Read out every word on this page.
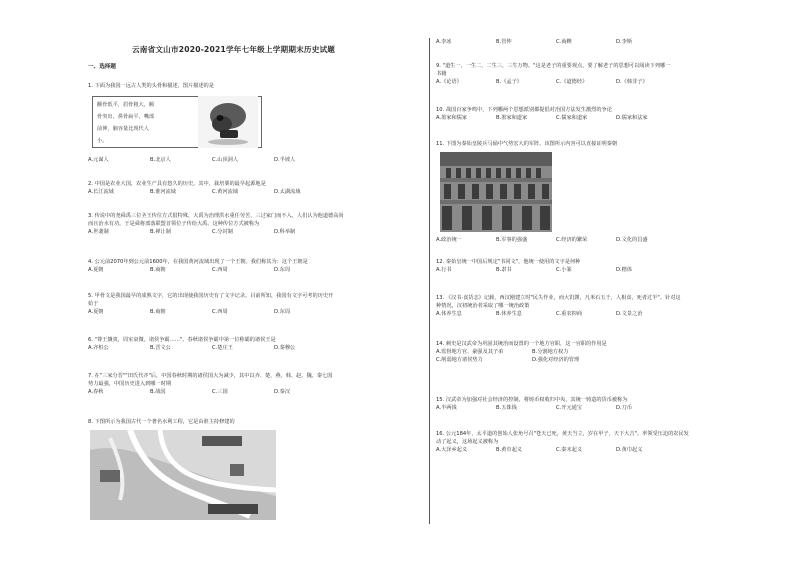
云南省文山市2020-2021学年七年级上学期期末历史试题
一、选择题
1. 下面为我国一远古人类的头骨和描述，图片描述的是
颧骨低平，眉骨粗大，额
骨突出，鼻骨扁平，嘴部
前伸，脑容量比现代人
小。
A.元谋人	B.北京人	C.山顶洞人	D.半坡人
2. 中国是农业大国，农业生产具有悠久的历史。其中，栽培粟的最早起源地是
A.长江流域	B.淮河流域	C.黄河流域	D.太湖流域
3. 传说中的尧舜禹三位圣王传位方式很特殊，大禹为治理洪水重任劳苦，三过家门而不入，人们认为他道德高尚
而且治水有功，于是舜将部落联盟首领位子传给大禹。这种传位方式被称为
A.世袭制	B.禅让制	C.分封制	D.科举制
4. 公元前2070年到公元前1600年，在我国黄河流域出现了一个王朝。我们称其为：这个王朝是
A.夏朝	B.商朝	C.西周	D.东周
5. 甲骨文是我国最早的成熟文字，它的出现使我国历史有了文字记录。目前所知，我国有文字可考的历史开
始于
A.夏朝	B.商朝	C.西周	D.东周
6. "尊王攘夷，周室衰微，诸侯争霸……"。春秋诸侯争霸中第一位称霸的诸侯王是
A.齐桓公	B.晋文公	C.楚庄王	D.秦穆公
7. 在"三家分晋""田氏代齐"后，中国春秋时期的诸侯国大为减少，其中以齐、楚、燕、韩、赵、魏、秦七国
势力最强，中国历史进入到哪一时期
A.春秋	B.战国	C.三国	D.秦汉
8. 下图所示为我国古代一个著名水利工程，它是由谁主持修建的
A.李冰	B.管仲	C.商鞅	D.李斯
9. "道生一，一生二，二生三，三生万物。"这是老子的重要观点。要了解老子的思想可以阅读下列哪一
书籍
A.《论语》	B.《孟子》	C.《道德经》	D.《韩非子》
10. 战国百家争鸣中，下列哪两个思想派别都提倡对治国方法发生激烈的争论
A.墨家和儒家	B.墨家和道家	C.儒家和道家	D.儒家和法家
11. 下图为秦始皇陵兵马俑中气势宏大的军阵，该图所示内容可以直接证明秦朝
A.政治统一	B.军事的强盛	C.经济的繁荣	D.文化的昌盛
12. 秦始皇统一中国后规定"书同文"，他统一使用的文字是何种
A.行书	B.隶书	C.小篆	D.楷体
13. 《汉书·食货志》记载，西汉刚建立时"民失作业，而大饥馑，凡米石五千，人相食，死者过半"。针对这
种情况，汉初统治者采取了哪一统治政策
A.休养生息	B.休养生息	C.重农抑商	D.文景之治
14. 刺史是汉武帝为巩固其统治而设置的一个地方官职，这一官职的作用是
A.监督地方官、豪强及其子弟	B.分割地方权力
C.削弱地方诸侯势力	D.强化对经济的管理
15. 汉武帝为加强对社会经济的控制，将铸币权收归中央，其统一铸造的货币被称为
A.半两钱	B.五铢钱	C.开元通宝	D.刀币
16. 公元184年，太平道的创始人张角号召"苍天已死，黄天当立，岁在甲子，天下大吉"。率领受压迫的农民发
动了起义，这场起义被称为
A.大泽乡起义	B.黄巾起义	C.秦末起义	D.黄巾起义
